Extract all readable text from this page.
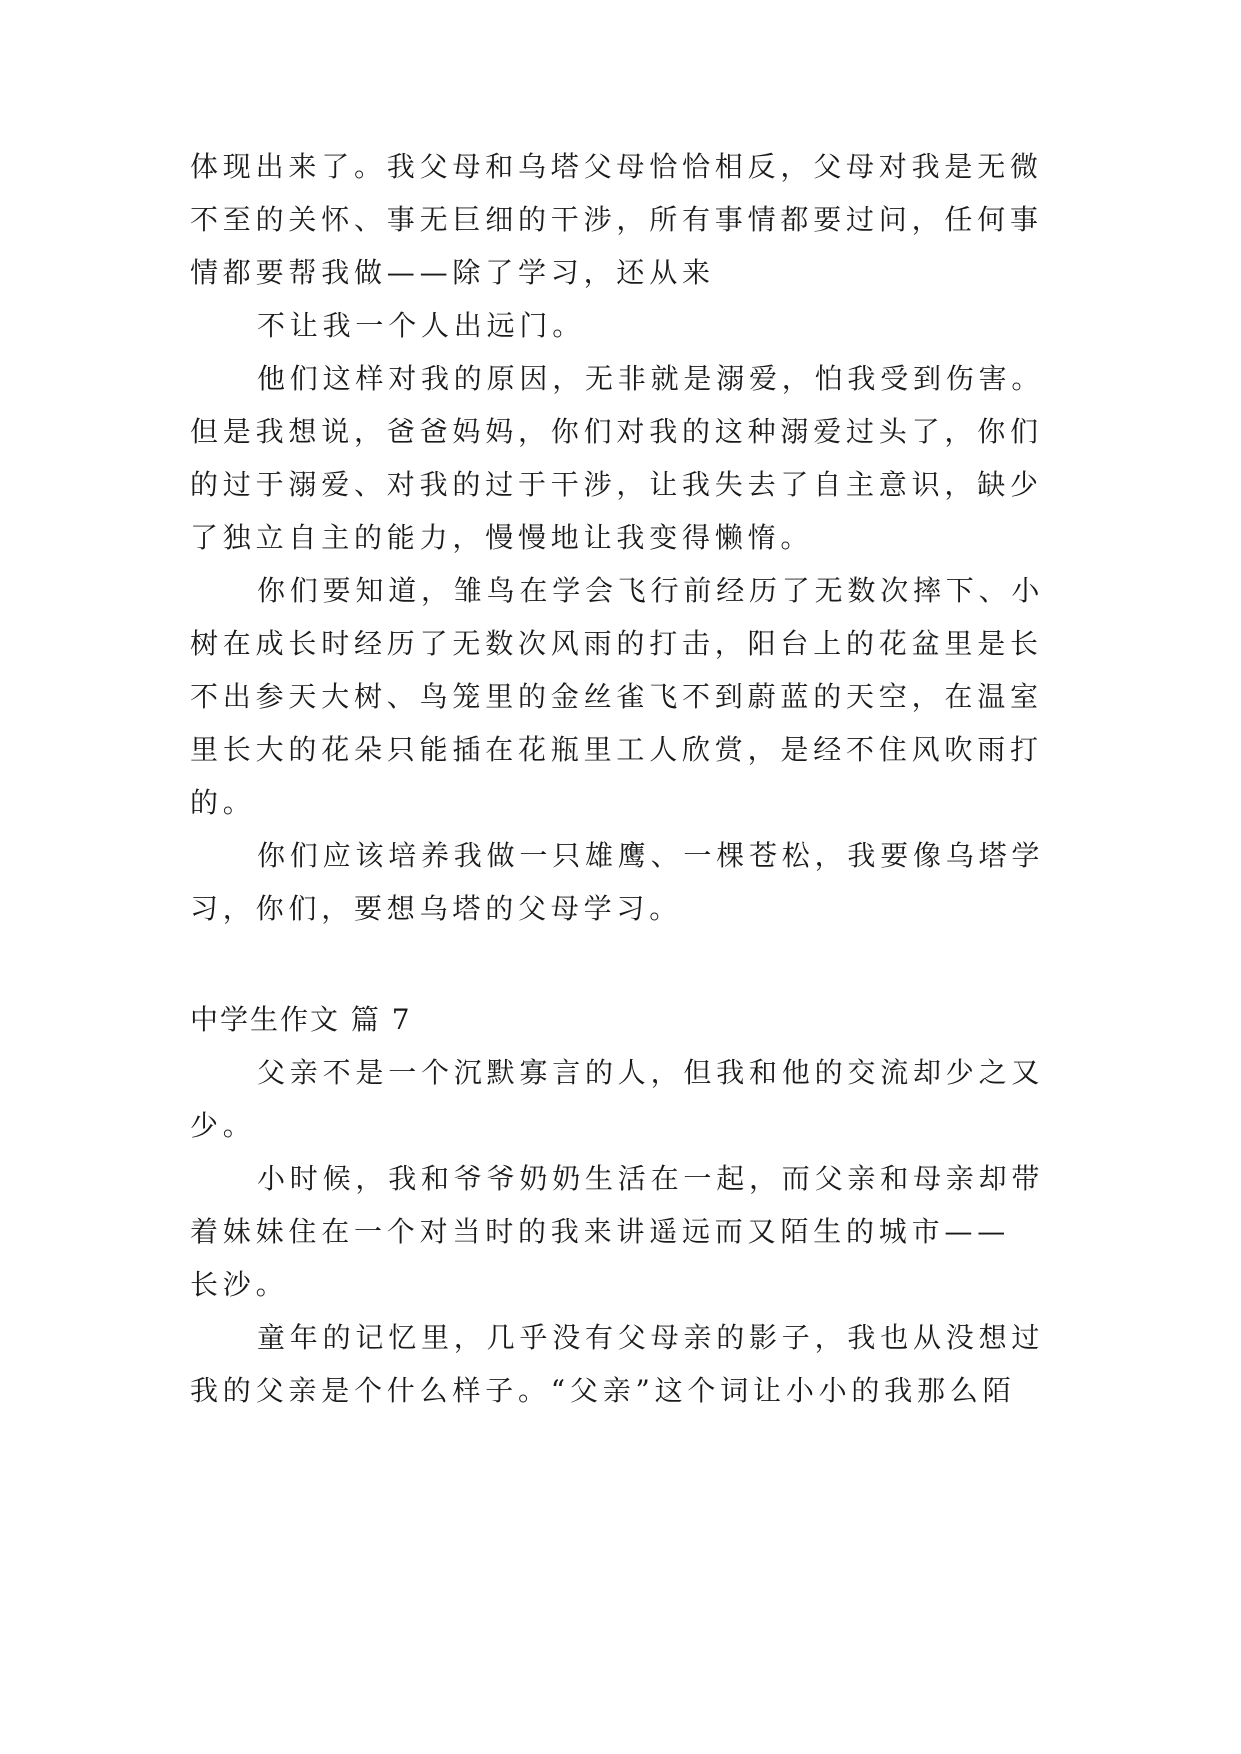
体现出来了。我父母和乌塔父母恰恰相反，父母对我是无微
不至的关怀、事无巨细的干涉，所有事情都要过问，任何事
情都要帮我做——除了学习，还从来
不让我一个人出远门。
他们这样对我的原因，无非就是溺爱，怕我受到伤害。
但是我想说，爸爸妈妈，你们对我的这种溺爱过头了，你们
的过于溺爱、对我的过于干涉，让我失去了自主意识，缺少
了独立自主的能力，慢慢地让我变得懒惰。
你们要知道，雏鸟在学会飞行前经历了无数次摔下、小
树在成长时经历了无数次风雨的打击，阳台上的花盆里是长
不出参天大树、鸟笼里的金丝雀飞不到蔚蓝的天空，在温室
里长大的花朵只能插在花瓶里工人欣赏，是经不住风吹雨打
的。
你们应该培养我做一只雄鹰、一棵苍松，我要像乌塔学
习，你们，要想乌塔的父母学习。
中学生作文 篇 7
父亲不是一个沉默寡言的人，但我和他的交流却少之又
少。
小时候，我和爷爷奶奶生活在一起，而父亲和母亲却带
着妹妹住在一个对当时的我来讲遥远而又陌生的城市——
长沙。
童年的记忆里，几乎没有父母亲的影子，我也从没想过
我的父亲是个什么样子。“父亲”这个词让小小的我那么陌
